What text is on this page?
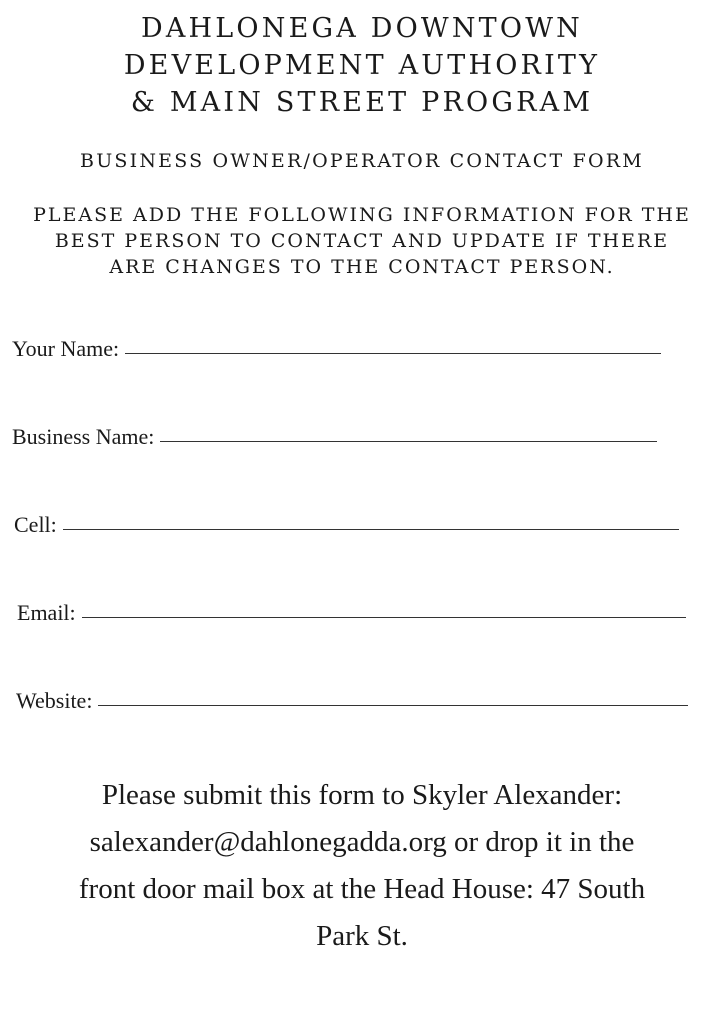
DAHLONEGA DOWNTOWN
DEVELOPMENT AUTHORITY
& MAIN STREET PROGRAM
BUSINESS OWNER/OPERATOR CONTACT FORM

PLEASE ADD THE FOLLOWING INFORMATION FOR THE
BEST PERSON TO CONTACT AND UPDATE IF THERE
ARE CHANGES TO THE CONTACT PERSON.

Your Name:
Business Name:
Cell:
Email:
Website:

Please submit this form to Skyler Alexander:
salexander@dahlonegadda.org or drop it in the
front door mail box at the Head House: 47 South
Park St.
